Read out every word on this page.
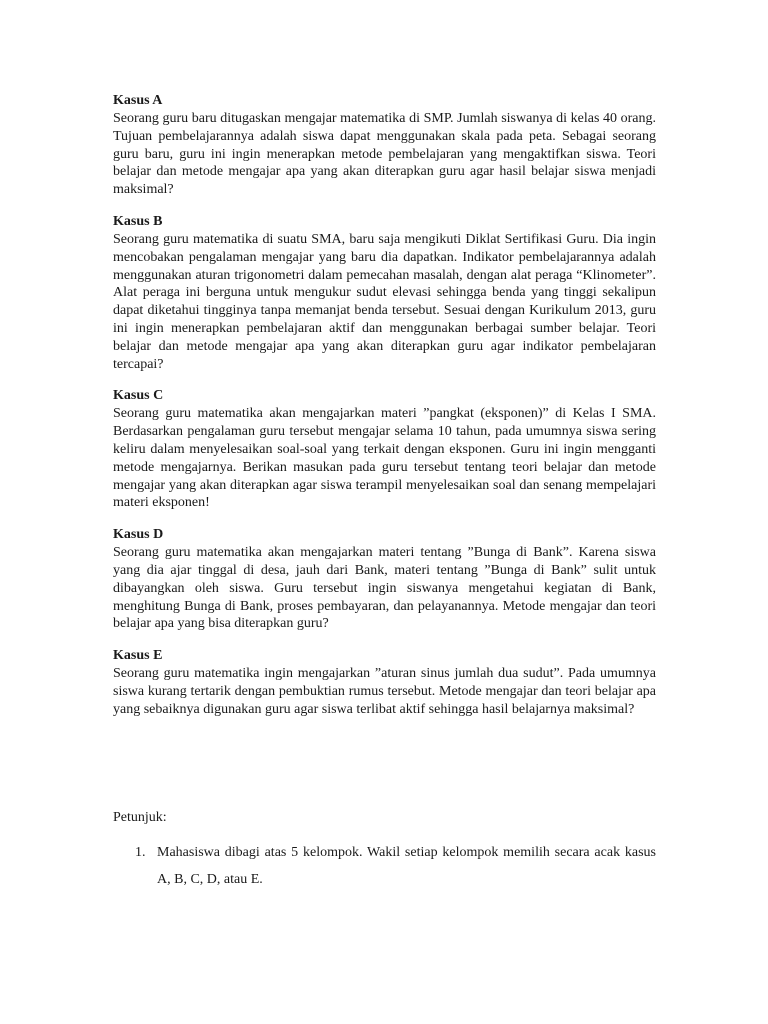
Kasus A

Seorang guru baru ditugaskan mengajar matematika di SMP. Jumlah siswanya di kelas 40 orang. Tujuan pembelajarannya adalah siswa dapat menggunakan skala pada peta. Sebagai seorang guru baru, guru ini ingin menerapkan metode pembelajaran yang mengaktifkan siswa. Teori belajar dan metode mengajar apa yang akan diterapkan guru agar hasil belajar siswa menjadi maksimal?

Kasus B

Seorang guru matematika di suatu SMA, baru saja mengikuti Diklat Sertifikasi Guru. Dia ingin mencobakan pengalaman mengajar yang baru dia dapatkan. Indikator pembelajarannya adalah menggunakan aturan trigonometri dalam pemecahan masalah, dengan alat peraga “Klinometer”. Alat peraga ini berguna untuk mengukur sudut elevasi sehingga benda yang tinggi sekalipun dapat diketahui tingginya tanpa memanjat benda tersebut. Sesuai dengan Kurikulum 2013, guru ini ingin menerapkan pembelajaran aktif dan menggunakan berbagai sumber belajar. Teori belajar dan metode mengajar apa yang akan diterapkan guru agar indikator pembelajaran tercapai?

Kasus C

Seorang guru matematika akan mengajarkan materi ”pangkat (eksponen)” di Kelas I SMA. Berdasarkan pengalaman guru tersebut mengajar selama 10 tahun, pada umumnya siswa sering keliru dalam menyelesaikan soal-soal yang terkait dengan eksponen. Guru ini ingin mengganti metode mengajarnya. Berikan masukan pada guru tersebut tentang teori belajar dan metode mengajar yang akan diterapkan agar siswa terampil menyelesaikan soal dan senang mempelajari materi eksponen!

Kasus D

Seorang guru matematika akan mengajarkan materi tentang ”Bunga di Bank”. Karena siswa yang dia ajar tinggal di desa, jauh dari Bank, materi tentang ”Bunga di Bank” sulit untuk dibayangkan oleh siswa. Guru tersebut ingin siswanya mengetahui kegiatan di Bank, menghitung Bunga di Bank, proses pembayaran, dan pelayanannya. Metode mengajar dan teori belajar apa yang bisa diterapkan guru?

Kasus E

Seorang guru matematika ingin mengajarkan ”aturan sinus jumlah dua sudut”. Pada umumnya siswa kurang tertarik dengan pembuktian rumus tersebut. Metode mengajar dan teori belajar apa yang sebaiknya digunakan guru agar siswa terlibat aktif sehingga hasil belajarnya maksimal?

Petunjuk:

1. Mahasiswa dibagi atas 5 kelompok. Wakil setiap kelompok memilih secara acak kasus A, B, C, D, atau E.
